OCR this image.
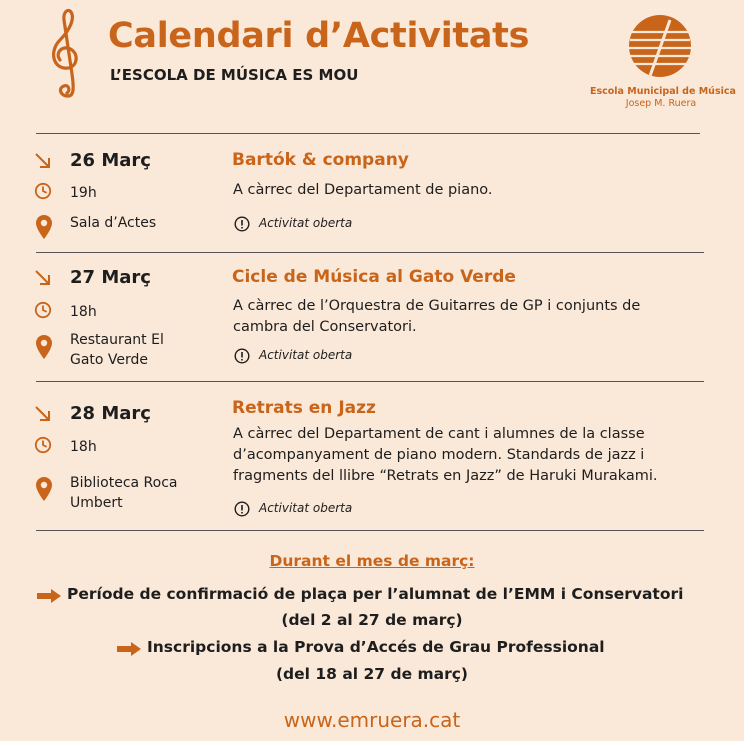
Calendari d’Activitats
L’ESCOLA DE MÚSICA ES MOU
Escola Municipal de Música
Josep M. Ruera
26 Març
19h
Sala d’Actes
Bartók & company
A càrrec del Departament de piano.
Activitat oberta
27 Març
18h
Restaurant El Gato Verde
Cicle de Música al Gato Verde
A càrrec de l’Orquestra de Guitarres de GP i conjunts de cambra del Conservatori.
Activitat oberta
28 Març
18h
Biblioteca Roca Umbert
Retrats en Jazz
A càrrec del Departament de cant i alumnes de la classe d’acompanyament de piano modern. Standards de jazz i fragments del llibre “Retrats en Jazz” de Haruki Murakami.
Activitat oberta
Durant el mes de març:
Període de confirmació de plaça per l’alumnat de l’EMM i Conservatori
(del 2 al 27 de març)
Inscripcions a la Prova d’Accés de Grau Professional
(del 18 al 27 de març)
www.emruera.cat
